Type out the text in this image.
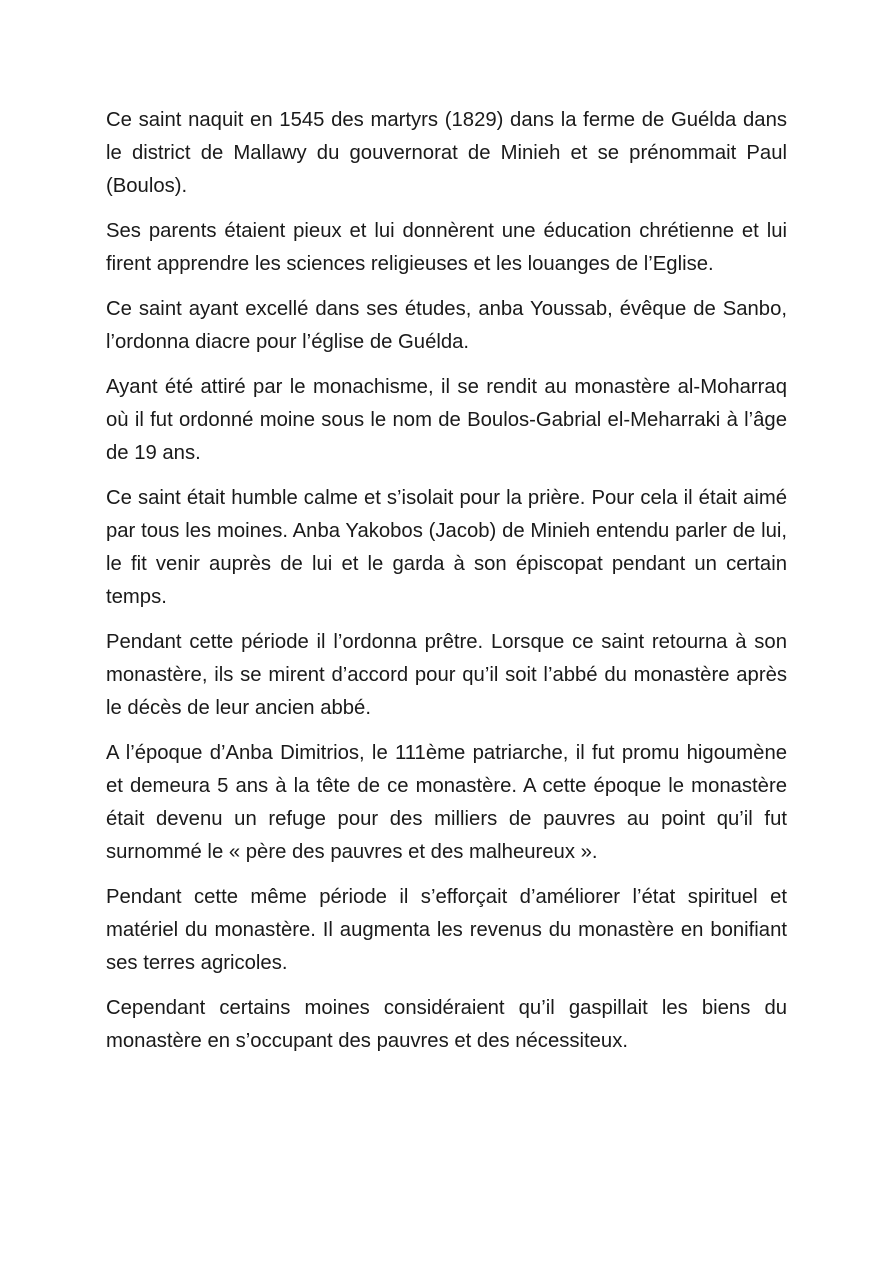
Ce saint naquit en 1545 des martyrs (1829) dans la ferme de Guélda dans le district de Mallawy du gouvernorat de Minieh et se prénommait Paul (Boulos).

Ses parents étaient pieux et lui donnèrent une éducation chrétienne et lui firent apprendre les sciences religieuses et les louanges de l’Eglise.

Ce saint ayant excellé dans ses études, anba Youssab, évêque de Sanbo, l’ordonna diacre pour l’église de Guélda.

Ayant été attiré par le monachisme, il se rendit au monastère al-Moharraq où il fut ordonné moine sous le nom de Boulos-Gabrial el-Meharraki à l’âge de 19 ans.

Ce saint était humble calme et s’isolait pour la prière. Pour cela il était aimé par tous les moines. Anba Yakobos (Jacob) de Minieh entendu parler de lui, le fit venir auprès de lui et le garda à son épiscopat pendant un certain temps.

Pendant cette période il l’ordonna prêtre. Lorsque ce saint retourna à son monastère, ils se mirent d’accord pour qu’il soit l’abbé du monastère après le décès de leur ancien abbé.

A l’époque d’Anba Dimitrios, le 111ème patriarche, il fut promu higoumène et demeura 5 ans à la tête de ce monastère. A cette époque le monastère était devenu un refuge pour des milliers de pauvres au point qu’il fut surnommé le « père des pauvres et des malheureux ».

Pendant cette même période il s’efforçait d’améliorer l’état spirituel et matériel du monastère. Il augmenta les revenus du monastère en bonifiant ses terres agricoles.

Cependant certains moines considéraient qu’il gaspillait les biens du monastère en s’occupant des pauvres et des nécessiteux.
